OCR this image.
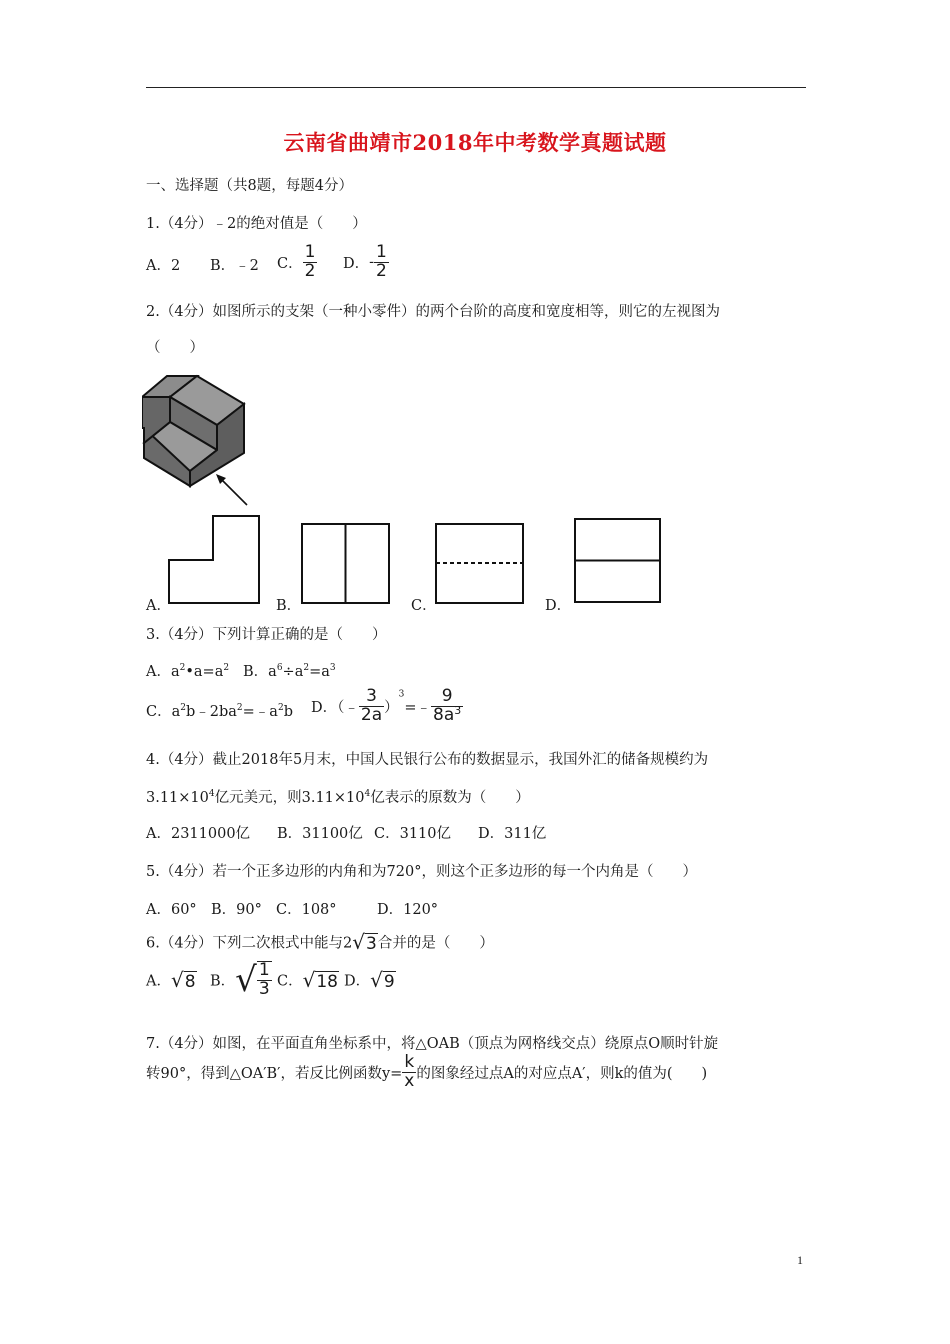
云南省曲靖市2018年中考数学真题试题
一、选择题（共8题，每题4分）
1.（4分）﹣2的绝对值是（　　）
A．2 B．﹣2 C． $\frac{1}{2}$ D．- $\frac{1}{2}$
2.（4分）如图所示的支架（一种小零件）的两个台阶的高度和宽度相等，则它的左视图为
（　　）
A．	B．	C．	D．
3.（4分）下列计算正确的是（　　）
A．$a^2•a=a^2$ B．$a^6\div a^2=a^3$
C．$a^2b﹣2ba^2=﹣a^2b$ D．（﹣ $\frac{3}{2a}$ ）$^3$=﹣ $\frac{9}{8a^3}$
4.（4分）截止2018年5月末，中国人民银行公布的数据显示，我国外汇的储备规模约为
$3.11\times 10^4$亿元美元，则$3.11\times 10^4$亿表示的原数为（　　）
A．2311000亿 B．31100亿 C．3110亿 D．311亿
5.（4分）若一个正多边形的内角和为720°，则这个正多边形的每一个内角是（　　）
A．60° B．90° C．108°	D．120°
6.（4分）下列二次根式中能与2√3合并的是（　　）
A．√8 B．√ $\frac{1}{3}$ C．√18 D．√9
7.（4分）如图，在平面直角坐标系中，将△OAB（顶点为网格线交点）绕原点O顺时针旋
转90°，得到△OA′B′，若反比例函数$y= \frac{k}{x}$ 的图象经过点A的对应点A′，则k的值为(　　)
1
